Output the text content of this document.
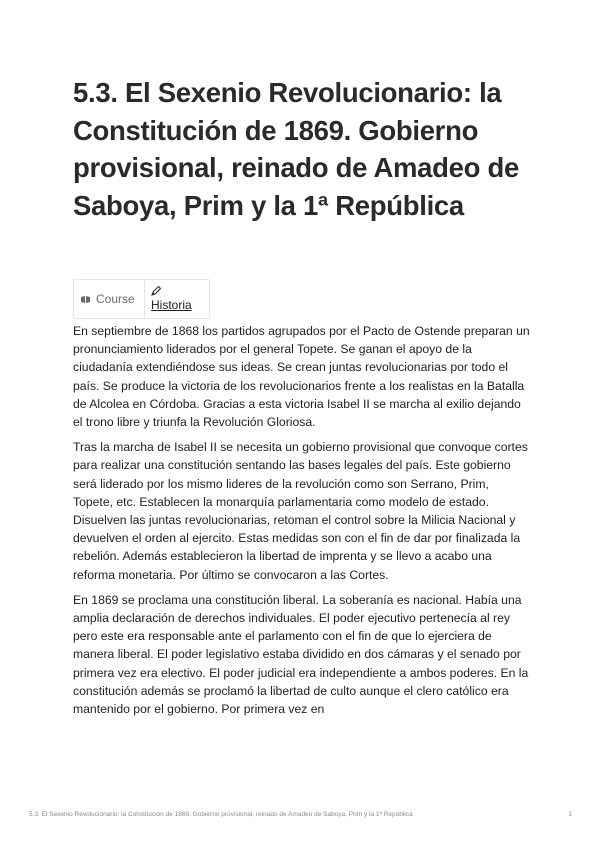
5.3. El Sexenio Revolucionario: la Constitución de 1869. Gobierno provisional, reinado de Amadeo de Saboya, Prim y la 1ª República
Course Historia

En septiembre de 1868 los partidos agrupados por el Pacto de Ostende preparan un pronunciamiento liderados por el general Topete. Se ganan el apoyo de la ciudadanía extendiéndose sus ideas. Se crean juntas revolucionarias por todo el país. Se produce la victoria de los revolucionarios frente a los realistas en la Batalla de Alcolea en Córdoba. Gracias a esta victoria Isabel II se marcha al exilio dejando el trono libre y triunfa la Revolución Gloriosa.

Tras la marcha de Isabel II se necesita un gobierno provisional que convoque cortes para realizar una constitución sentando las bases legales del país. Este gobierno será liderado por los mismo lideres de la revolución como son Serrano, Prim, Topete, etc. Establecen la monarquía parlamentaria como modelo de estado. Disuelven las juntas revolucionarias, retoman el control sobre la Milicia Nacional y devuelven el orden al ejercito. Estas medidas son con el fin de dar por finalizada la rebelión. Además establecieron la libertad de imprenta y se llevo a acabo una reforma monetaria. Por último se convocaron a las Cortes.

En 1869 se proclama una constitución liberal. La soberanía es nacional. Había una amplia declaración de derechos individuales. El poder ejecutivo pertenecía al rey pero este era responsable ante el parlamento con el fin de que lo ejerciera de manera liberal. El poder legislativo estaba dividido en dos cámaras y el senado por primera vez era electivo. El poder judicial era independiente a ambos poderes. En la constitución además se proclamó la libertad de culto aunque el clero católico era mantenido por el gobierno. Por primera vez en

5.3. El Sexenio Revolucionario: la Constitución de 1869. Gobierno provisional, reinado de Amadeo de Saboya, Prim y la 1ª República	1
